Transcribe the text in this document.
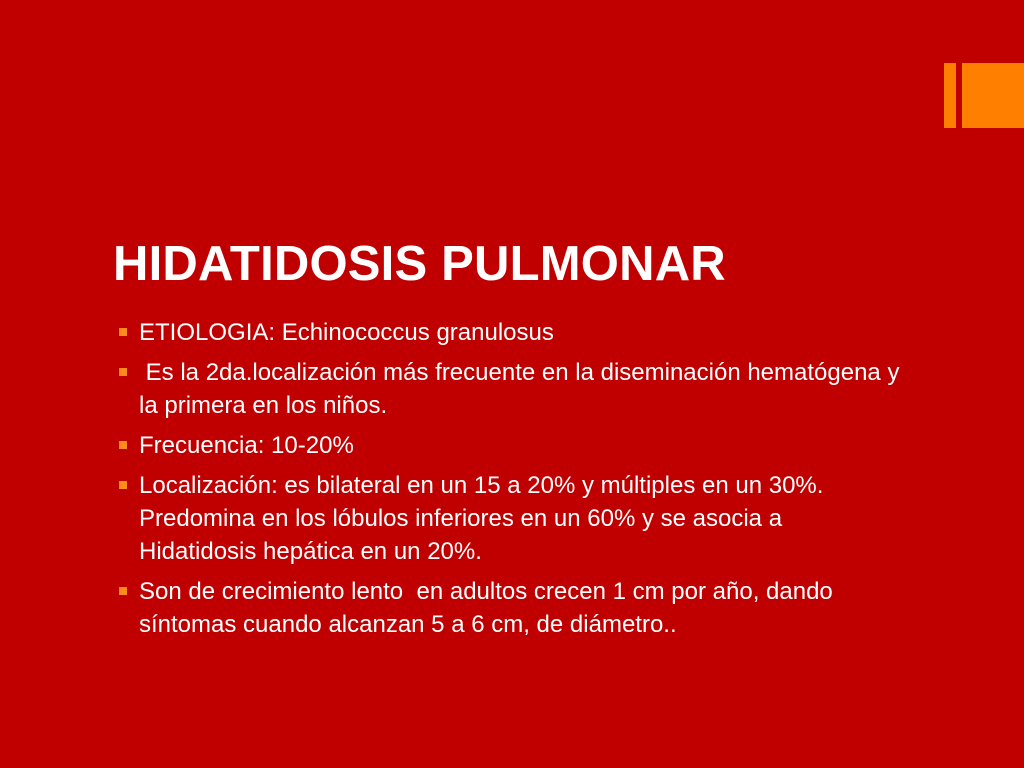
HIDATIDOSIS PULMONAR
ETIOLOGIA: Echinococcus granulosus
Es la 2da.localización más frecuente en la diseminación hematógena y la primera en los niños.
Frecuencia: 10-20%
Localización: es bilateral en un 15 a 20% y múltiples en un 30%. Predomina en los lóbulos inferiores en un 60% y se asocia a Hidatidosis hepática en un 20%.
Son de crecimiento lento  en adultos crecen 1 cm por año, dando síntomas cuando alcanzan 5 a 6 cm, de diámetro..
